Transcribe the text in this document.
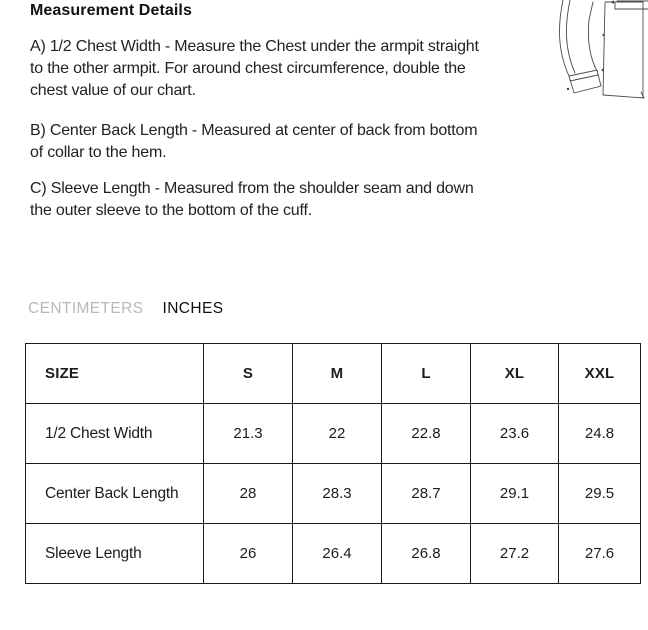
Measurement Details

A) 1/2 Chest Width - Measure the Chest under the armpit straight to the other armpit. For around chest circumference, double the chest value of our chart.

B) Center Back Length - Measured at center of back from bottom of collar to the hem.

C) Sleeve Length - Measured from the shoulder seam and down the outer sleeve to the bottom of the cuff.

CENTIMETERS INCHES
SIZE	S	M	L	XL	XXL
1/2 Chest Width	21.3	22	22.8	23.6	24.8
Center Back Length	28	28.3	28.7	29.1	29.5
Sleeve Length	26	26.4	26.8	27.2	27.6
